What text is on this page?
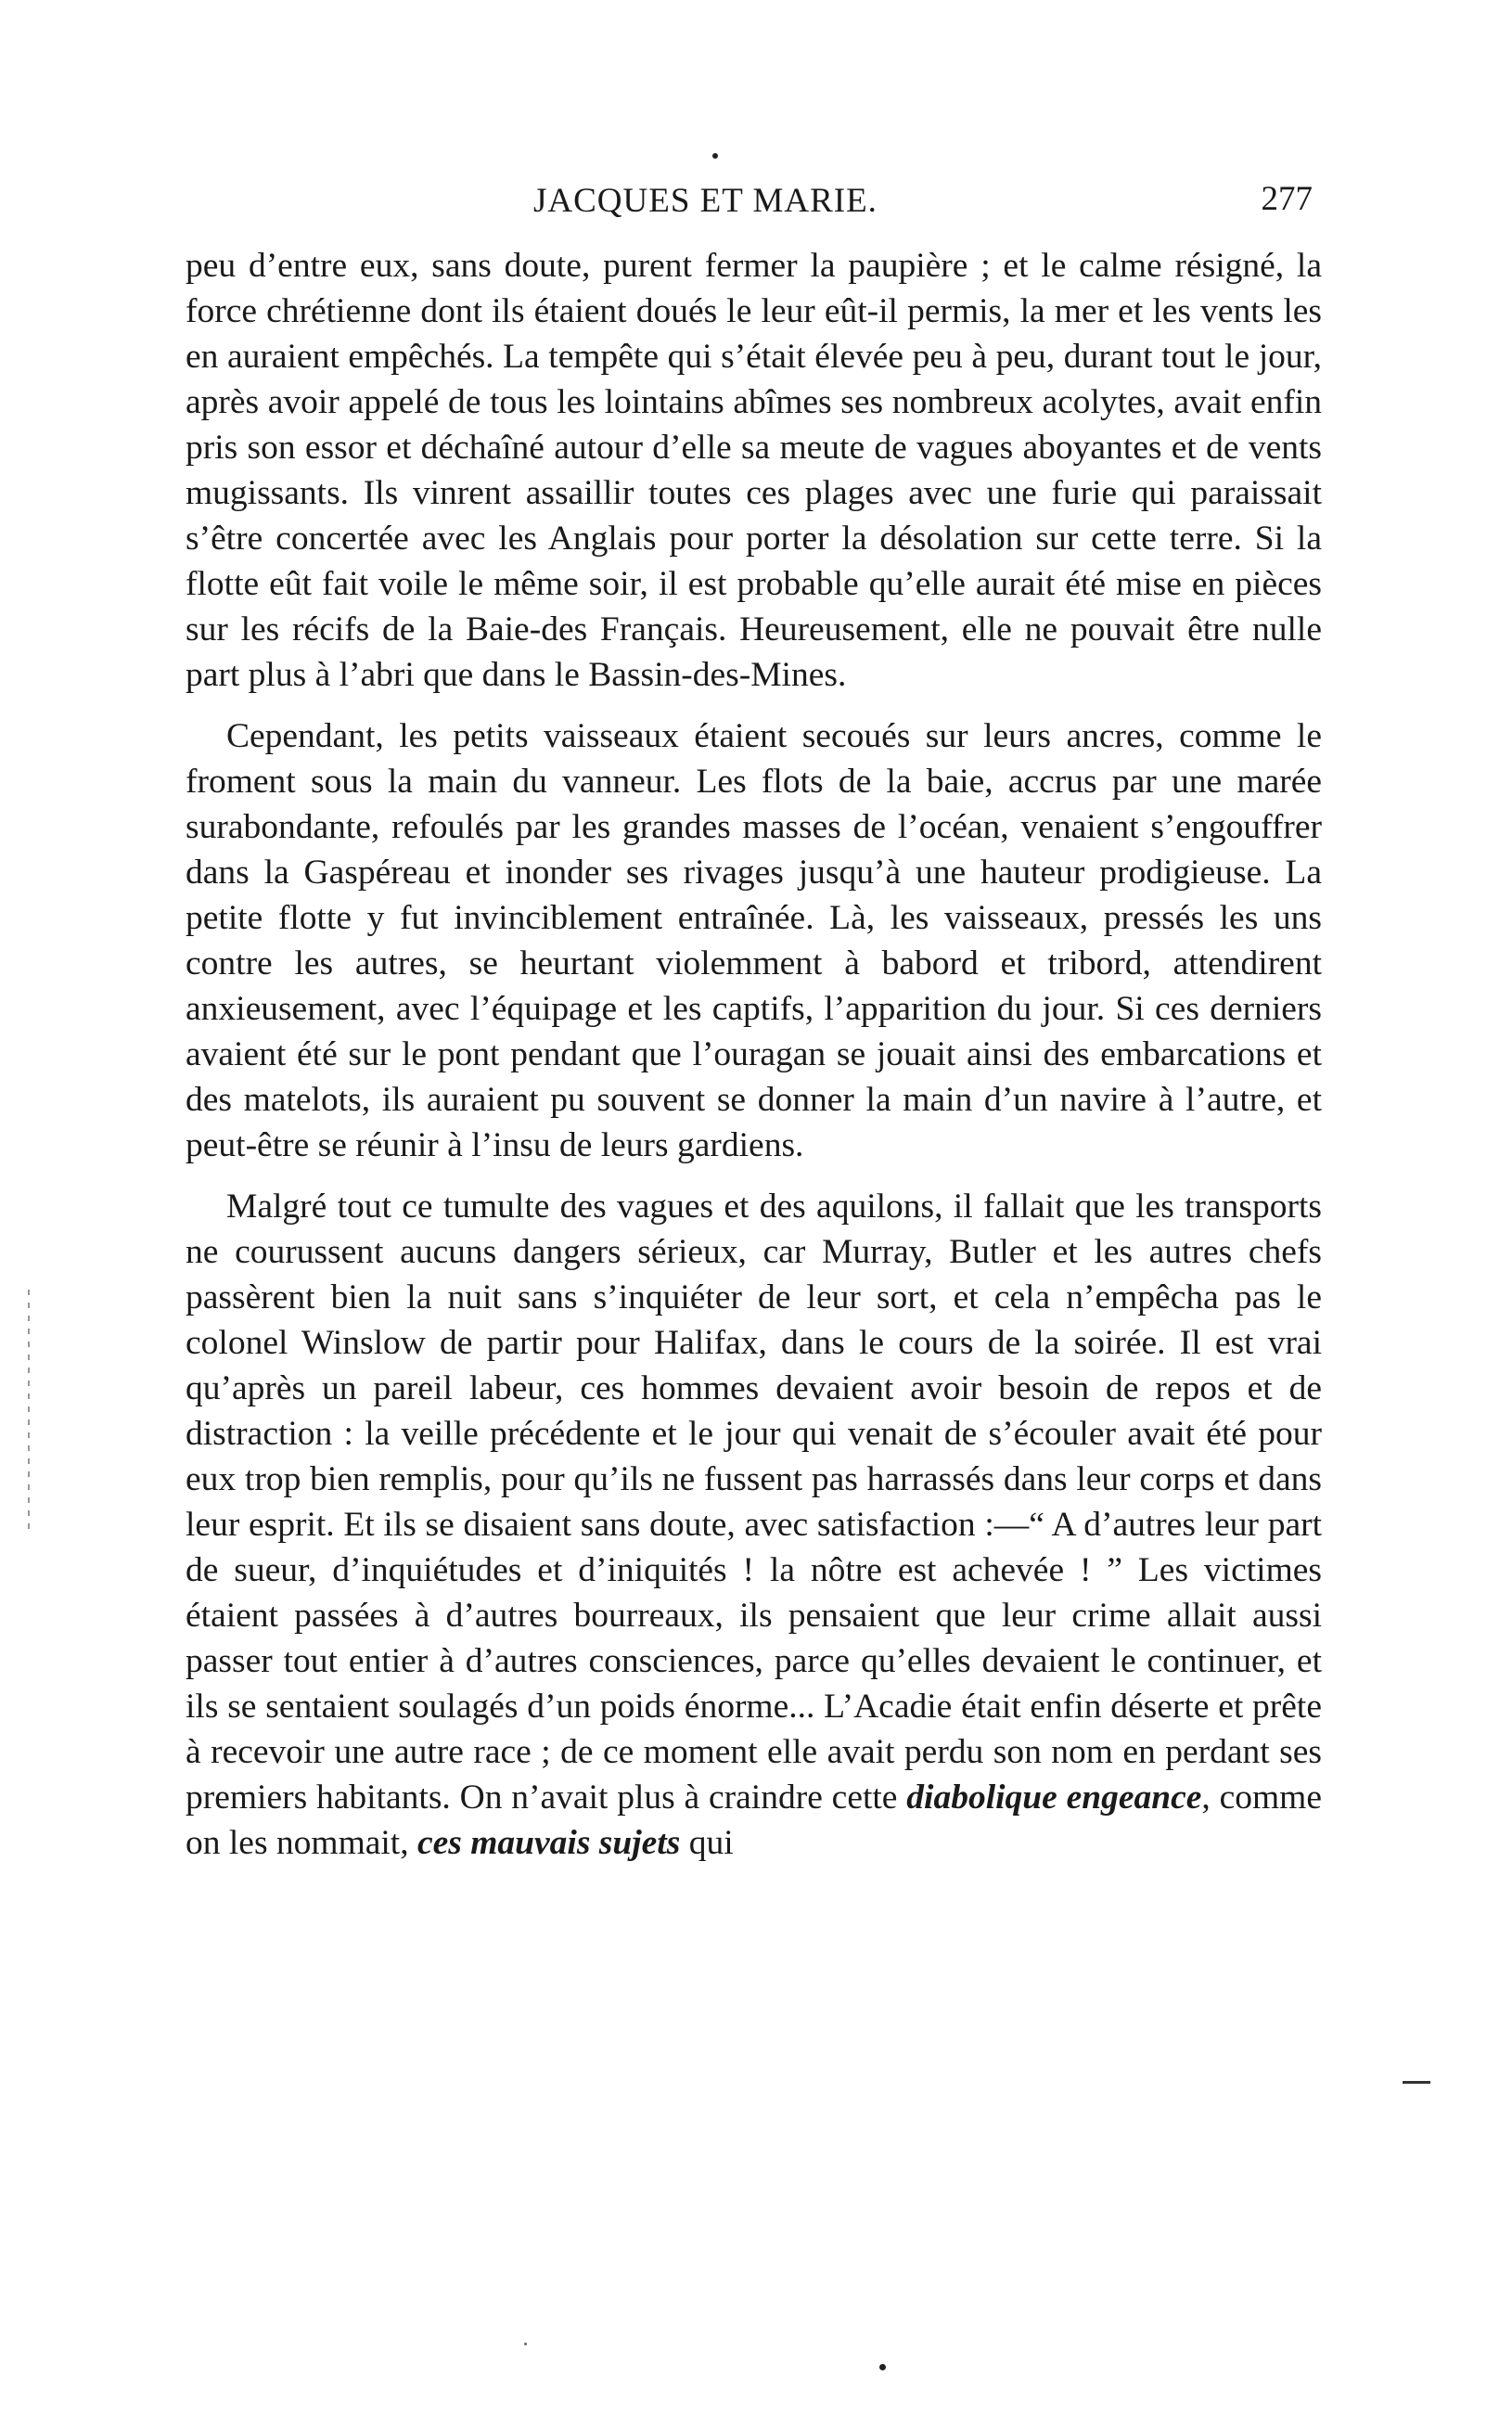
JACQUES ET MARIE.	277

peu d’entre eux, sans doute, purent fermer la paupière ; et le calme résigné, la force chrétienne dont ils étaient doués le leur eût-il permis, la mer et les vents les en auraient empêchés. La tempête qui s’était élevée peu à peu, durant tout le jour, après avoir appelé de tous les lointains abîmes ses nombreux acolytes, avait enfin pris son essor et déchaîné autour d’elle sa meute de vagues aboyantes et de vents mugissants. Ils vinrent assaillir toutes ces plages avec une furie qui paraissait s’être concertée avec les Anglais pour porter la désolation sur cette terre. Si la flotte eût fait voile le même soir, il est probable qu’elle aurait été mise en pièces sur les récifs de la Baie-des Français. Heureusement, elle ne pouvait être nulle part plus à l’abri que dans le Bassin-des-Mines.

Cependant, les petits vaisseaux étaient secoués sur leurs ancres, comme le froment sous la main du vanneur. Les flots de la baie, accrus par une marée surabondante, refoulés par les grandes masses de l’océan, venaient s’engouffrer dans la Gaspéreau et inonder ses rivages jusqu’à une hauteur prodigieuse. La petite flotte y fut invinciblement entraînée. Là, les vaisseaux, pressés les uns contre les autres, se heurtant violemment à babord et tribord, attendirent anxieusement, avec l’équipage et les captifs, l’apparition du jour. Si ces derniers avaient été sur le pont pendant que l’ouragan se jouait ainsi des embarcations et des matelots, ils auraient pu souvent se donner la main d’un navire à l’autre, et peut-être se réunir à l’insu de leurs gardiens.

Malgré tout ce tumulte des vagues et des aquilons, il fallait que les transports ne courussent aucuns dangers sérieux, car Murray, Butler et les autres chefs passèrent bien la nuit sans s’inquiéter de leur sort, et cela n’empêcha pas le colonel Winslow de partir pour Halifax, dans le cours de la soirée. Il est vrai qu’après un pareil labeur, ces hommes devaient avoir besoin de repos et de distraction : la veille précédente et le jour qui venait de s’écouler avait été pour eux trop bien remplis, pour qu’ils ne fussent pas harrassés dans leur corps et dans leur esprit. Et ils se disaient sans doute, avec satisfaction :—“ A d’autres leur part de sueur, d’inquiétudes et d’iniquités ! la nôtre est achevée ! ” Les victimes étaient passées à d’autres bourreaux, ils pensaient que leur crime allait aussi passer tout entier à d’autres consciences, parce qu’elles devaient le continuer, et ils se sentaient soulagés d’un poids énorme... L’Acadie était enfin déserte et prête à recevoir une autre race ; de ce moment elle avait perdu son nom en perdant ses premiers habitants. On n’avait plus à craindre cette diabolique engeance, comme on les nommait, ces mauvais sujets qui
